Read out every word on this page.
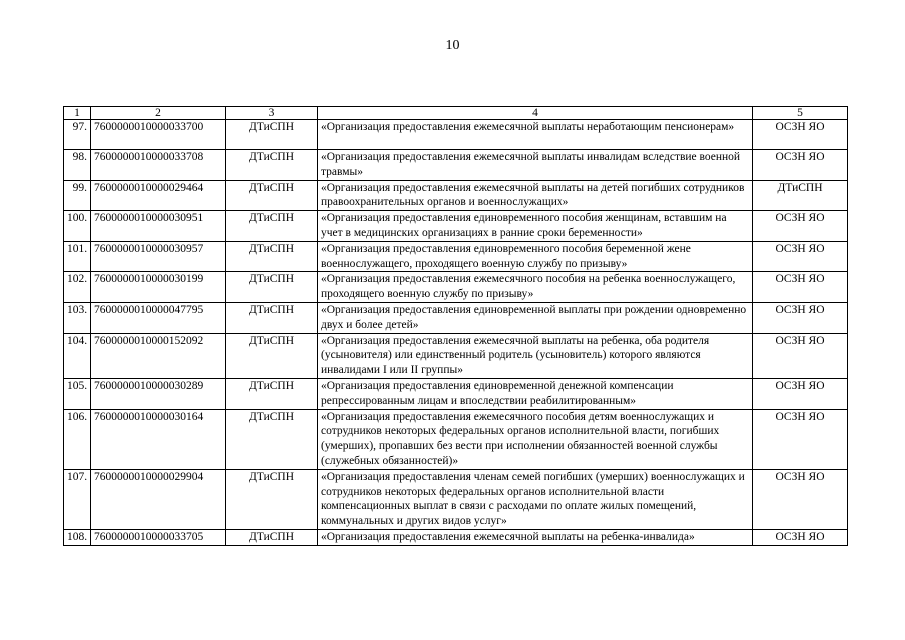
10
1	2	3	4	5
97.	760000001000003370​0	ДТиСПН	«Организация предоставления ежемесячной выплаты неработающим пенсионерам»	ОСЗН ЯО
98.	760000001000003370​8	ДТиСПН	«Организация предоставления ежемесячной выплаты инвалидам вследствие военной травмы»	ОСЗН ЯО
99.	760000001000002946​4	ДТиСПН	«Организация предоставления ежемесячной выплаты на детей погибших сотрудников правоохранительных органов и военнослужащих»	ДТиСПН
100.	760000001000003095​1	ДТиСПН	«Организация предоставления единовременного пособия женщинам, вставшим на учет в медицинских организациях в ранние сроки беременности»	ОСЗН ЯО
101.	760000001000003095​7	ДТиСПН	«Организация предоставления единовременного пособия беременной жене военнослужащего, проходящего военную службу по призыву»	ОСЗН ЯО
102.	760000001000003019​9	ДТиСПН	«Организация предоставления ежемесячного пособия на ребенка военнослужащего, проходящего военную службу по призыву»	ОСЗН ЯО
103.	760000001000004779​5	ДТиСПН	«Организация предоставления единовременной выплаты при рождении одновременно двух и более детей»	ОСЗН ЯО
104.	760000001000015209​2	ДТиСПН	«Организация предоставления ежемесячной выплаты на ребенка, оба родителя (усыновителя) или единственный родитель (усыновитель) которого являются инвалидами I или II группы»	ОСЗН ЯО
105.	760000001000003028​9	ДТиСПН	«Организация предоставления единовременной денежной компенсации репрессированным лицам и впоследствии реабилитированным»	ОСЗН ЯО
106.	760000001000003016​4	ДТиСПН	«Организация предоставления ежемесячного пособия детям военнослужащих и сотрудников некоторых федеральных органов исполнительной власти, погибших (умерших), пропавших без вести при исполнении обязанностей военной службы (служебных обязанностей)»	ОСЗН ЯО
107.	760000001000002990​4	ДТиСПН	«Организация предоставления членам семей погибших (умерших) военнослужащих и сотрудников некоторых федеральных органов исполнительной власти компенсационных выплат в связи с расходами по оплате жилых помещений, коммунальных и других видов услуг»	ОСЗН ЯО
108.	760000001000003370​5	ДТиСПН	«Организация предоставления ежемесячной выплаты на ребенка-инвалида»	ОСЗН ЯО
